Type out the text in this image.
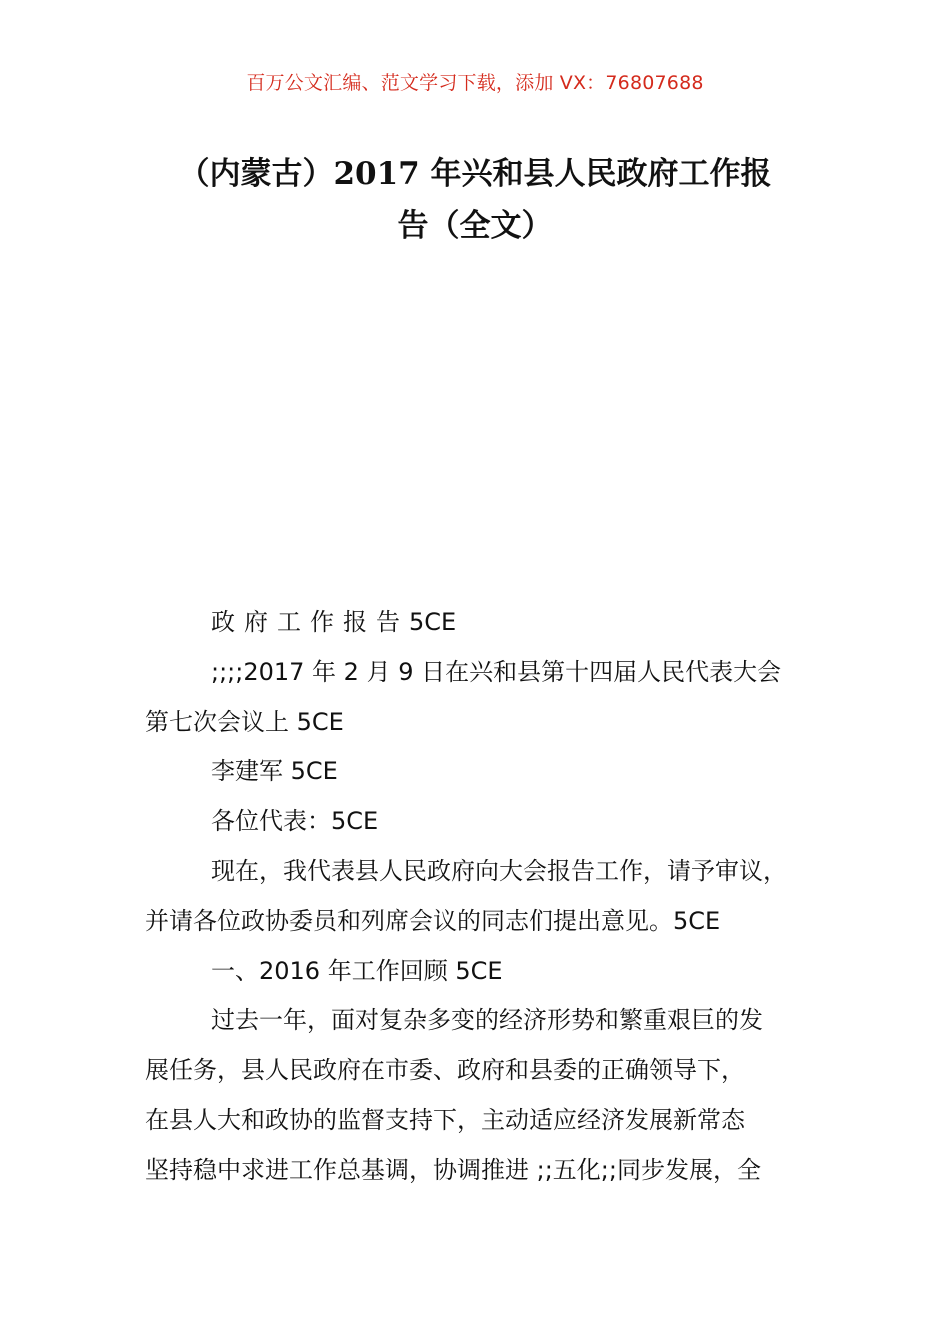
百万公文汇编、范文学习下载，添加 VX：76807688
（内蒙古）2017 年兴和县人民政府工作报
告（全文）
政府工作报告5CE
;;;;2017 年 2 月 9 日在兴和县第十四届人民代表大会
第七次会议上 5CE
李建军 5CE
各位代表：5CE
现在，我代表县人民政府向大会报告工作，请予审议，
并请各位政协委员和列席会议的同志们提出意见。5CE
一、2016 年工作回顾 5CE
过去一年，面对复杂多变的经济形势和繁重艰巨的发
展任务，县人民政府在市委、政府和县委的正确领导下，
在县人大和政协的监督支持下，主动适应经济发展新常态
坚持稳中求进工作总基调，协调推进 ;;五化;;同步发展，全
